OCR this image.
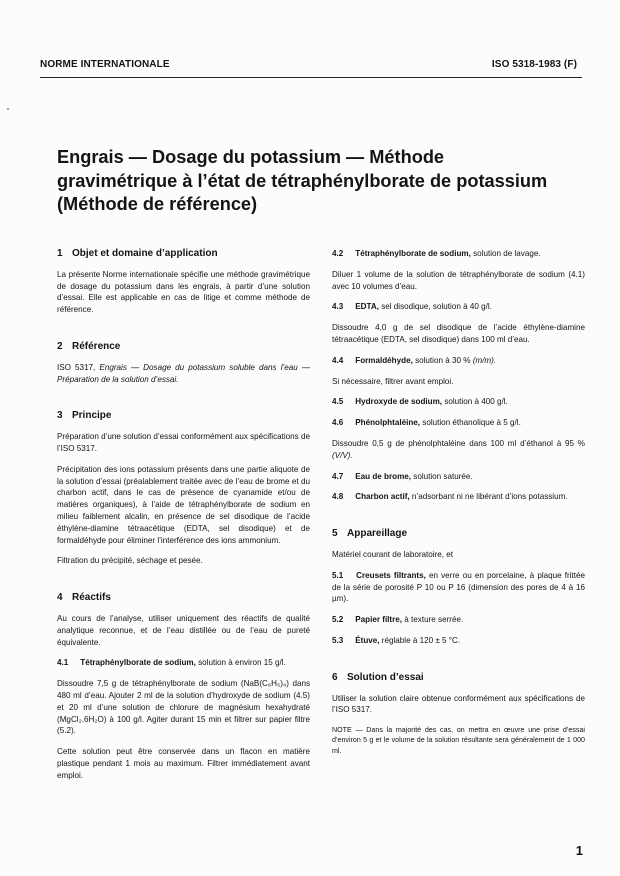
NORME INTERNATIONALE	ISO 5318-1983 (F)
Engrais — Dosage du potassium — Méthode
gravimétrique à l’état de tétraphénylborate de potassium
(Méthode de référence)
1 Objet et domaine d’application

La présente Norme internationale spécifie une méthode gravimétrique de dosage du potassium dans les engrais, à partir d’une solution d’essai. Elle est applicable en cas de litige et comme méthode de référence.

2 Référence

ISO 5317, Engrais — Dosage du potassium soluble dans l’eau — Préparation de la solution d’essai.

3 Principe

Préparation d’une solution d’essai conformément aux spécifications de l’ISO 5317.

Précipitation des ions potassium présents dans une partie aliquote de la solution d’essai (préalablement traitée avec de l’eau de brome et du charbon actif, dans le cas de présence de cyanamide et/ou de matières organiques), à l’aide de tétraphénylborate de sodium en milieu faiblement alcalin, en présence de sel disodique de l’acide éthylène-diamine tétraacétique (EDTA, sel disodique) et de formaldéhyde pour éliminer l’interférence des ions ammonium.

Filtration du précipité, séchage et pesée.

4 Réactifs

Au cours de l’analyse, utiliser uniquement des réactifs de qualité analytique reconnue, et de l’eau distillée ou de l’eau de pureté équivalente.

4.1 Tétraphénylborate de sodium, solution à environ 15 g/l.

Dissoudre 7,5 g de tétraphénylborate de sodium (NaB(C₆H₅)₄) dans 480 ml d’eau. Ajouter 2 ml de la solution d’hydroxyde de sodium (4.5) et 20 ml d’une solution de chlorure de magnésium hexahydraté (MgCl₂.6H₂O) à 100 g/l. Agiter durant 15 min et filtrer sur papier filtre (5.2).

Cette solution peut être conservée dans un flacon en matière plastique pendant 1 mois au maximum. Filtrer immédiatement avant emploi.

4.2 Tétraphénylborate de sodium, solution de lavage.

Diluer 1 volume de la solution de tétraphénylborate de sodium (4.1) avec 10 volumes d’eau.

4.3 EDTA, sel disodique, solution à 40 g/l.

Dissoudre 4,0 g de sel disodique de l’acide éthylène-diamine tétraacétique (EDTA, sel disodique) dans 100 ml d’eau.

4.4 Formaldéhyde, solution à 30 % (m/m).

Si nécessaire, filtrer avant emploi.

4.5 Hydroxyde de sodium, solution à 400 g/l.

4.6 Phénolphtaléine, solution éthanolique à 5 g/l.

Dissoudre 0,5 g de phénolphtaléine dans 100 ml d’éthanol à 95 % (V/V).

4.7 Eau de brome, solution saturée.

4.8 Charbon actif, n’adsorbant ni ne libérant d’ions potassium.

5 Appareillage

Matériel courant de laboratoire, et

5.1 Creusets filtrants, en verre ou en porcelaine, à plaque frittée de la série de porosité P 10 ou P 16 (dimension des pores de 4 à 16 µm).

5.2 Papier filtre, à texture serrée.

5.3 Étuve, réglable à 120 ± 5 °C.

6 Solution d’essai

Utiliser la solution claire obtenue conformément aux spécifications de l’ISO 5317.

NOTE — Dans la majorité des cas, on mettra en œuvre une prise d’essai d’environ 5 g et le volume de la solution résultante sera généralement de 1 000 ml.

1
